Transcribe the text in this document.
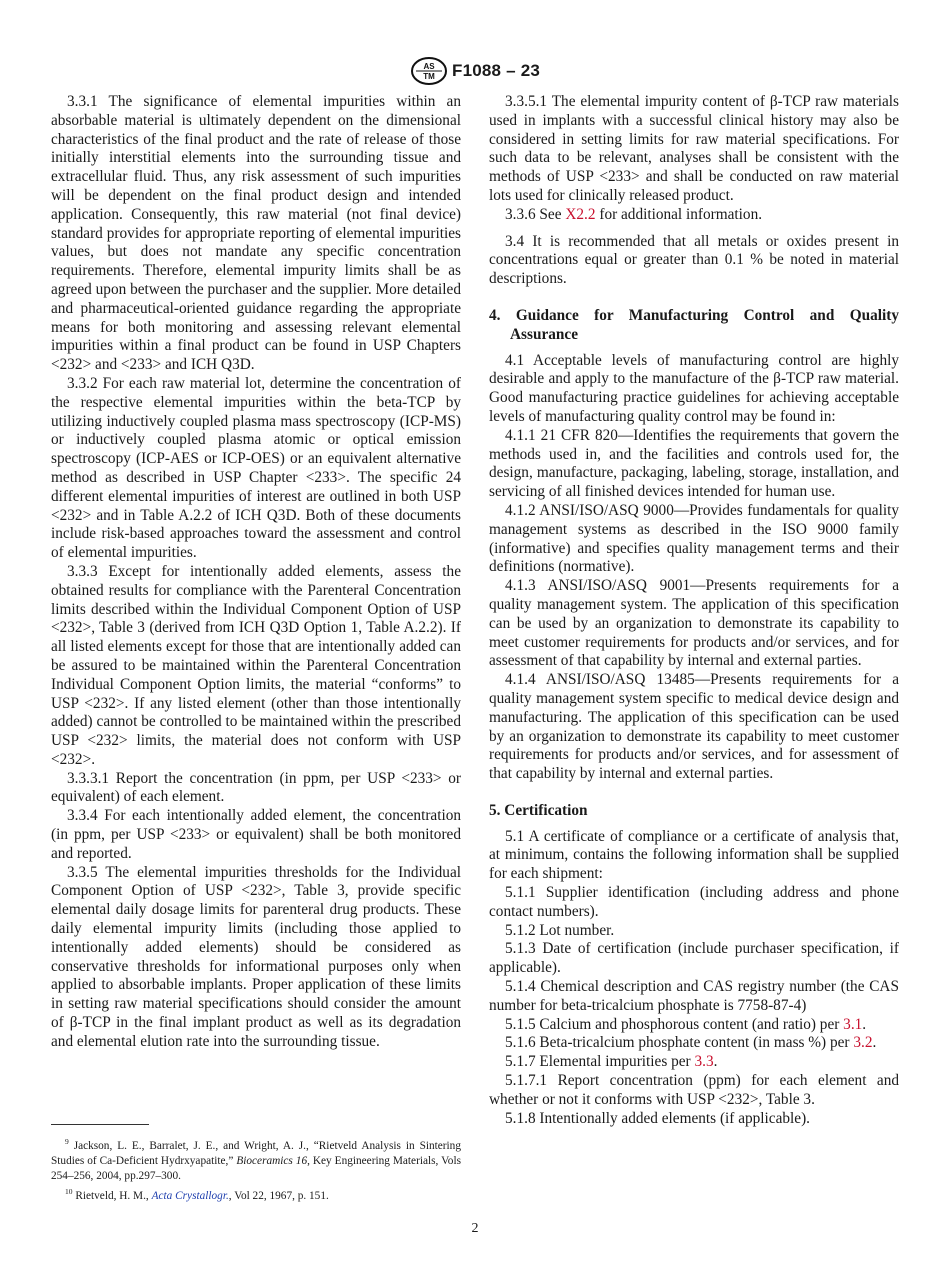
AS
TM F1088 – 23

3.3.1 The significance of elemental impurities within an absorbable material is ultimately dependent on the dimensional characteristics of the final product and the rate of release of those initially interstitial elements into the surrounding tissue and extracellular fluid. Thus, any risk assessment of such impurities will be dependent on the final product design and intended application. Consequently, this raw material (not final device) standard provides for appropriate reporting of elemental impurities values, but does not mandate any specific concentration requirements. Therefore, elemental impurity limits shall be as agreed upon between the purchaser and the supplier. More detailed and pharmaceutical-oriented guidance regarding the appropriate means for both monitoring and assessing relevant elemental impurities within a final product can be found in USP Chapters <232> and <233> and ICH Q3D.

3.3.2 For each raw material lot, determine the concentration of the respective elemental impurities within the beta-TCP by utilizing inductively coupled plasma mass spectroscopy (ICP-MS) or inductively coupled plasma atomic or optical emission spectroscopy (ICP-AES or ICP-OES) or an equivalent alternative method as described in USP Chapter <233>. The specific 24 different elemental impurities of interest are outlined in both USP <232> and in Table A.2.2 of ICH Q3D. Both of these documents include risk-based approaches toward the assessment and control of elemental impurities.

3.3.3 Except for intentionally added elements, assess the obtained results for compliance with the Parenteral Concentration limits described within the Individual Component Option of USP <232>, Table 3 (derived from ICH Q3D Option 1, Table A.2.2). If all listed elements except for those that are intentionally added can be assured to be maintained within the Parenteral Concentration Individual Component Option limits, the material “conforms” to USP <232>. If any listed element (other than those intentionally added) cannot be controlled to be maintained within the prescribed USP <232> limits, the material does not conform with USP <232>.

3.3.3.1 Report the concentration (in ppm, per USP <233> or equivalent) of each element.

3.3.4 For each intentionally added element, the concentration (in ppm, per USP <233> or equivalent) shall be both monitored and reported.

3.3.5 The elemental impurities thresholds for the Individual Component Option of USP <232>, Table 3, provide specific elemental daily dosage limits for parenteral drug products. These daily elemental impurity limits (including those applied to intentionally added elements) should be considered as conservative thresholds for informational purposes only when applied to absorbable implants. Proper application of these limits in setting raw material specifications should consider the amount of β-TCP in the final implant product as well as its degradation and elemental elution rate into the surrounding tissue.

3.3.5.1 The elemental impurity content of β-TCP raw materials used in implants with a successful clinical history may also be considered in setting limits for raw material specifications. For such data to be relevant, analyses shall be consistent with the methods of USP <233> and shall be conducted on raw material lots used for clinically released product.

3.3.6 See X2.2 for additional information.

3.4 It is recommended that all metals or oxides present in concentrations equal or greater than 0.1 % be noted in material descriptions.

4. Guidance for Manufacturing Control and Quality Assurance

4.1 Acceptable levels of manufacturing control are highly desirable and apply to the manufacture of the β-TCP raw material. Good manufacturing practice guidelines for achieving acceptable levels of manufacturing quality control may be found in:

4.1.1 21 CFR 820—Identifies the requirements that govern the methods used in, and the facilities and controls used for, the design, manufacture, packaging, labeling, storage, installation, and servicing of all finished devices intended for human use.

4.1.2 ANSI/ISO/ASQ 9000—Provides fundamentals for quality management systems as described in the ISO 9000 family (informative) and specifies quality management terms and their definitions (normative).

4.1.3 ANSI/ISO/ASQ 9001—Presents requirements for a quality management system. The application of this specification can be used by an organization to demonstrate its capability to meet customer requirements for products and/or services, and for assessment of that capability by internal and external parties.

4.1.4 ANSI/ISO/ASQ 13485—Presents requirements for a quality management system specific to medical device design and manufacturing. The application of this specification can be used by an organization to demonstrate its capability to meet customer requirements for products and/or services, and for assessment of that capability by internal and external parties.

5. Certification

5.1 A certificate of compliance or a certificate of analysis that, at minimum, contains the following information shall be supplied for each shipment:

5.1.1 Supplier identification (including address and phone contact numbers).

5.1.2 Lot number.

5.1.3 Date of certification (include purchaser specification, if applicable).

5.1.4 Chemical description and CAS registry number (the CAS number for beta-tricalcium phosphate is 7758-87-4)

5.1.5 Calcium and phosphorous content (and ratio) per 3.1.

5.1.6 Beta-tricalcium phosphate content (in mass %) per 3.2.

5.1.7 Elemental impurities per 3.3.

5.1.7.1 Report concentration (ppm) for each element and whether or not it conforms with USP <232>, Table 3.

5.1.8 Intentionally added elements (if applicable).

$^9$ Jackson, L. E., Barralet, J. E., and Wright, A. J., “Rietveld Analysis in Sintering Studies of Ca-Deficient Hydrxyapatite,” Bioceramics 16, Key Engineering Materials, Vols 254–256, 2004, pp.297–300.

$^{10}$ Rietveld, H. M., Acta Crystallogr., Vol 22, 1967, p. 151.

2
